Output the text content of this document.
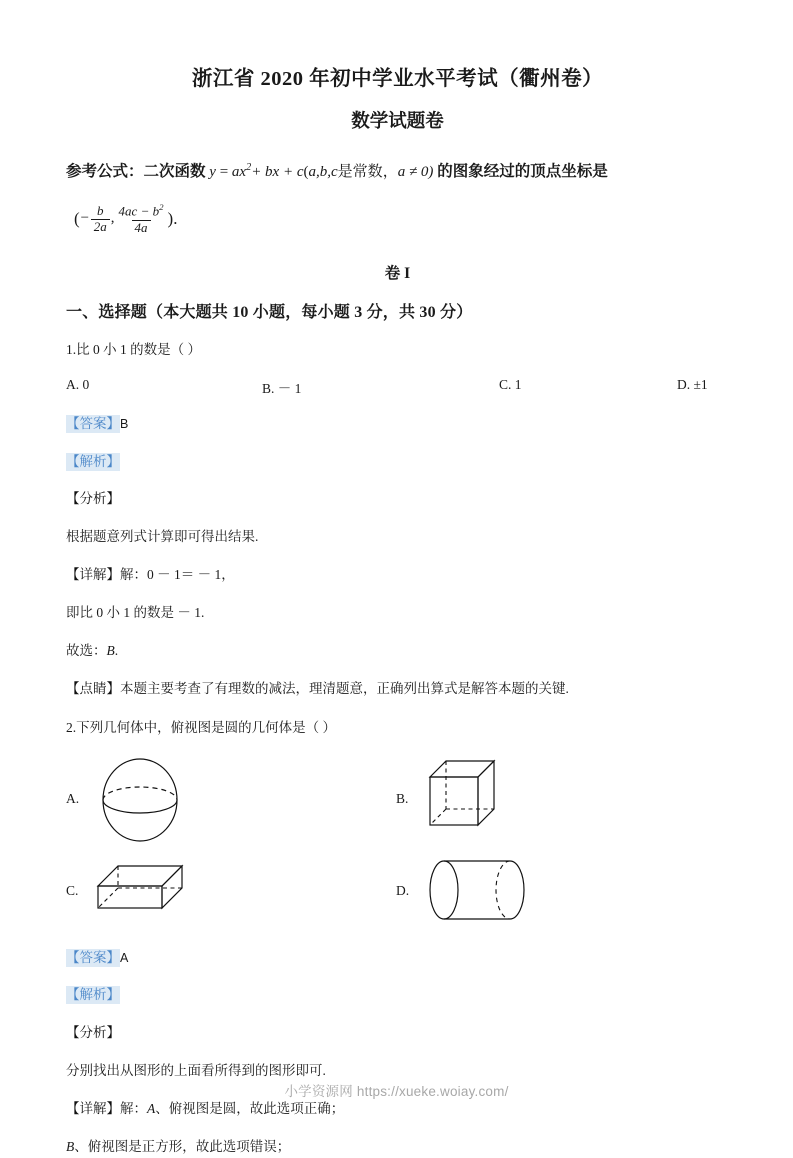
浙江省 2020 年初中学业水平考试（衢州卷）
数学试题卷
参考公式：二次函数 $y = ax^2+$ bx + c(a,b,c是常数，a ≠ 0) 的图象经过的顶点坐标是
( − $\frac{b}{2a}$ , $\frac{4ac - b^2}{4a}$ ) .
卷 I
一、选择题（本大题共 10 小题，每小题 3 分，共 30 分）
1.比 0 小 1 的数是（ ）
A. 0	B. － 1	C. 1	D. ±1
【答案】B
【解析】
【分析】
根据题意列式计算即可得出结果.
【详解】解：0 － 1＝ － 1，
即比 0 小 1 的数是 － 1.
故选：B.
【点睛】本题主要考查了有理数的减法，理清题意，正确列出算式是解答本题的关键.
2.下列几何体中，俯视图是圆的几何体是（ ）
A.	B.
C.	D.
【答案】A
【解析】
【分析】
分别找出从图形的上面看所得到的图形即可.
【详解】解：A、俯视图是圆，故此选项正确；
B、俯视图是正方形，故此选项错误；
小学资源网 https://xueke.woiay.com/
